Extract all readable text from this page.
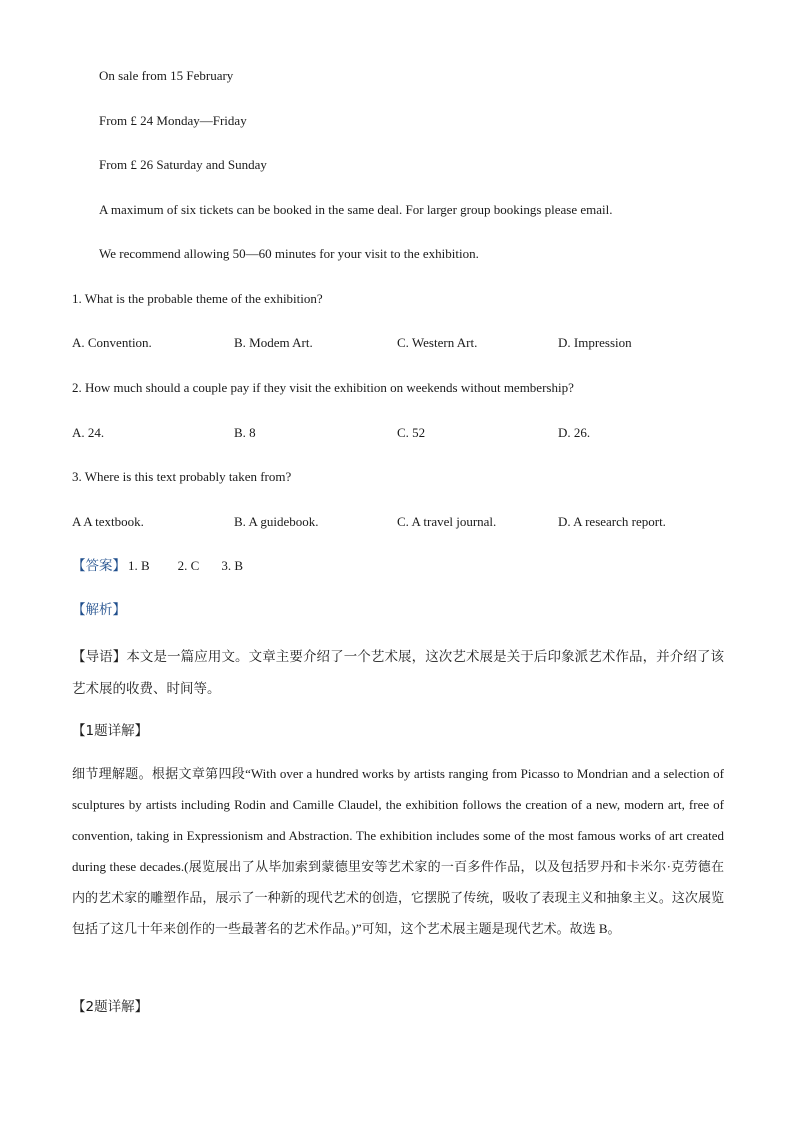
On sale from 15 February
From £ 24 Monday—Friday
From £ 26 Saturday and Sunday
A maximum of six tickets can be booked in the same deal. For larger group bookings please email.
We recommend allowing 50—60 minutes for your visit to the exhibition.
1. What is the probable theme of the exhibition?
A. Convention.	B. Modem Art.	C. Western Art.	D. Impression
2. How much should a couple pay if they visit the exhibition on weekends without membership?
A. 24.	B. 8	C. 52	D. 26.
3. Where is this text probably taken from?
A A textbook.	B. A guidebook.	C. A travel journal.	D. A research report.
【答案】 1. B 2. C 3. B
【解析】
【导语】本文是一篇应用文。文章主要介绍了一个艺术展，这次艺术展是关于后印象派艺术作品，并介绍了该艺术展的收费、时间等。
【1题详解】
细节理解题。根据文章第四段“With over a hundred works by artists ranging from Picasso to Mondrian and a selection of sculptures by artists including Rodin and Camille Claudel, the exhibition follows the creation of a new, modern art, free of convention, taking in Expressionism and Abstraction. The exhibition includes some of the most famous works of art created during these decades.(展览展出了从毕加索到蒙德里安等艺术家的一百多件作品，以及包括罗丹和卡米尔·克劳德在内的艺术家的雕塑作品，展示了一种新的现代艺术的创造，它摆脱了传统，吸收了表现主义和抽象主义。这次展览包括了这几十年来创作的一些最著名的艺术作品。)”可知，这个艺术展主题是现代艺术。故选 B。
【2题详解】
